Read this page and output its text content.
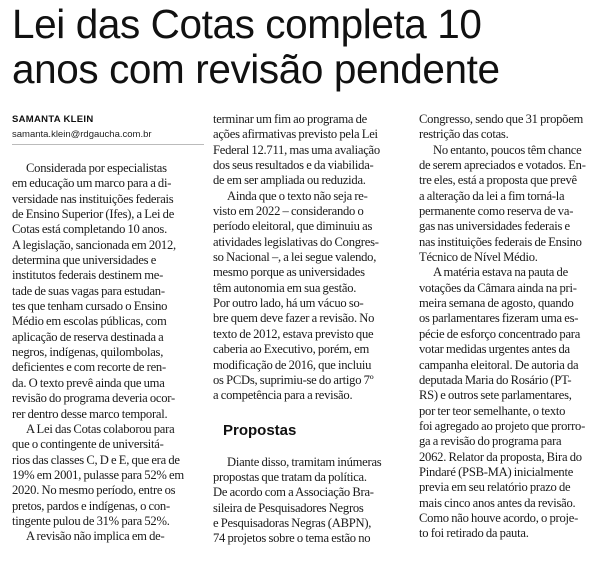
Lei das Cotas completa 10
anos com revisão pendente
SAMANTA KLEIN
samanta.klein@rdgaucha.com.br
Considerada por especialistas
em educação um marco para a di-
versidade nas instituições federais
de Ensino Superior (Ifes), a Lei de
Cotas está completando 10 anos.
A legislação, sancionada em 2012,
determina que universidades e
institutos federais destinem me-
tade de suas vagas para estudan-
tes que tenham cursado o Ensino
Médio em escolas públicas, com
aplicação de reserva destinada a
negros, indígenas, quilombolas,
deficientes e com recorte de ren-
da. O texto prevê ainda que uma
revisão do programa deveria ocor-
rer dentro desse marco temporal.
A Lei das Cotas colaborou para
que o contingente de universitá-
rios das classes C, D e E, que era de
19% em 2001, pulasse para 52% em
2020. No mesmo período, entre os
pretos, pardos e indígenas, o con-
tingente pulou de 31% para 52%.
A revisão não implica em de-
terminar um fim ao programa de
ações afirmativas previsto pela Lei
Federal 12.711, mas uma avaliação
dos seus resultados e da viabilida-
de em ser ampliada ou reduzida.
Ainda que o texto não seja re-
visto em 2022 – considerando o
período eleitoral, que diminuiu as
atividades legislativas do Congres-
so Nacional –, a lei segue valendo,
mesmo porque as universidades
têm autonomia em sua gestão.
Por outro lado, há um vácuo so-
bre quem deve fazer a revisão. No
texto de 2012, estava previsto que
caberia ao Executivo, porém, em
modificação de 2016, que incluiu
os PCDs, suprimiu-se do artigo 7º
a competência para a revisão.
Propostas
Diante disso, tramitam inúmeras
propostas que tratam da política.
De acordo com a Associação Bra-
sileira de Pesquisadores Negros
e Pesquisadoras Negras (ABPN),
74 projetos sobre o tema estão no
Congresso, sendo que 31 propõem
restrição das cotas.
No entanto, poucos têm chance
de serem apreciados e votados. En-
tre eles, está a proposta que prevê
a alteração da lei a fim torná-la
permanente como reserva de va-
gas nas universidades federais e
nas instituições federais de Ensino
Técnico de Nível Médio.
A matéria estava na pauta de
votações da Câmara ainda na pri-
meira semana de agosto, quando
os parlamentares fizeram uma es-
pécie de esforço concentrado para
votar medidas urgentes antes da
campanha eleitoral. De autoria da
deputada Maria do Rosário (PT-
RS) e outros sete parlamentares,
por ter teor semelhante, o texto
foi agregado ao projeto que prorro-
ga a revisão do programa para
2062. Relator da proposta, Bira do
Pindaré (PSB-MA) inicialmente
previa em seu relatório prazo de
mais cinco anos antes da revisão.
Como não houve acordo, o proje-
to foi retirado da pauta.
